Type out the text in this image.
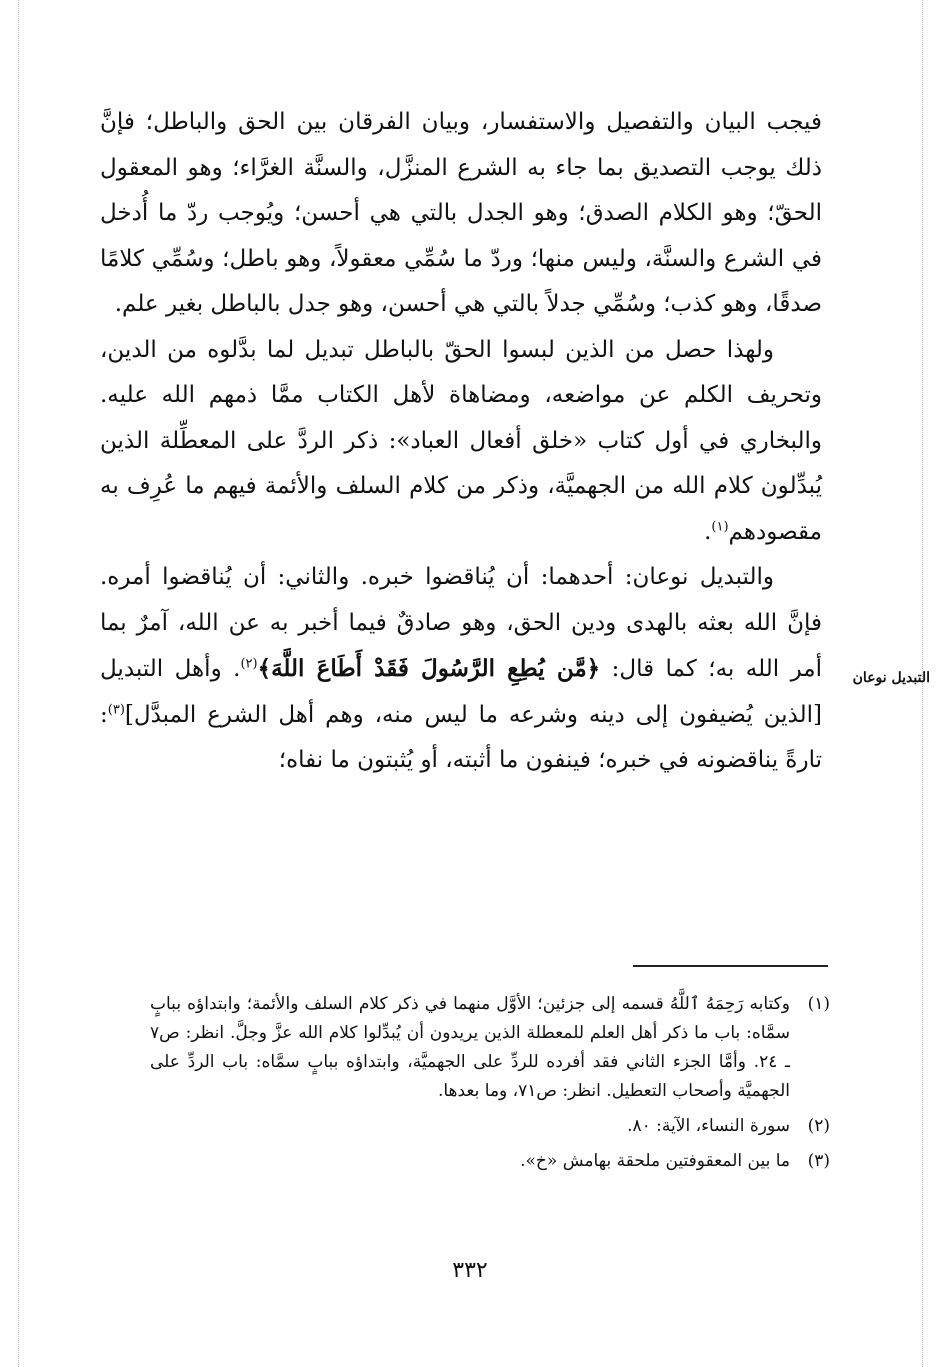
فيجب البيان والتفصيل والاستفسار، وبيان الفرقان بين الحق والباطل؛ فإنَّ ذلك يوجب التصديق بما جاء به الشرع المنزَّل، والسنَّة الغرَّاء؛ وهو المعقول الحقّ؛ وهو الكلام الصدق؛ وهو الجدل بالتي هي أحسن؛ ويُوجب ردّ ما أُدخل في الشرع والسنَّة، وليس منها؛ وردّ ما سُمِّي معقولاً، وهو باطل؛ وسُمِّي كلامًا صدقًا، وهو كذب؛ وسُمِّي جدلاً بالتي هي أحسن، وهو جدل بالباطل بغير علم.

ولهذا حصل من الذين لبسوا الحقّ بالباطل تبديل لما بدَّلوه من الدين، وتحريف الكلم عن مواضعه، ومضاهاة لأهل الكتاب ممَّا ذمهم الله عليه. والبخاري في أول كتاب «خلق أفعال العباد»: ذكر الردَّ على المعطِّلة الذين يُبدِّلون كلام الله من الجهميَّة، وذكر من كلام السلف والأئمة فيهم ما عُرِف به مقصودهم$^{(١)}$.

والتبديل نوعان: أحدهما: أن يُناقضوا خبره. والثاني: أن يُناقضوا أمره. فإنَّ الله بعثه بالهدى ودين الحق، وهو صادقٌ فيما أخبر به عن الله، آمرٌ بما أمر الله به؛ كما قال: ﴿مَّن يُطِعِ الرَّسُولَ فَقَدْ أَطَاعَ اللَّهَ﴾$^{(٢)}$. وأهل التبديل [الذين يُضيفون إلى دينه وشرعه ما ليس منه، وهم أهل الشرع المبدَّل]$^{(٣)}$: تارةً يناقضونه في خبره؛ فينفون ما أثبته، أو يُثبتون ما نفاه؛

التبديل نوعان
(١)
وكتابه رَحِمَهُ ٱللَّهُ قسمه إلى جزئين؛ الأوَّل منهما في ذكر كلام السلف والأئمة؛ وابتداؤه ببابٍ سمَّاه: باب ما ذكر أهل العلم للمعطلة الذين يريدون أن يُبدِّلوا كلام الله عزَّ وجلَّ. انظر: ص٧ ـ ٢٤. وأمَّا الجزء الثاني فقد أفرده للردِّ على الجهميَّة، وابتداؤه ببابٍ سمَّاه: باب الردِّ على الجهميَّة وأصحاب التعطيل. انظر: ص٧١، وما بعدها.
(٢)
سورة النساء، الآية: ٨٠.
(٣)
ما بين المعقوفتين ملحقة بهامش «خ».
٣٣٢
